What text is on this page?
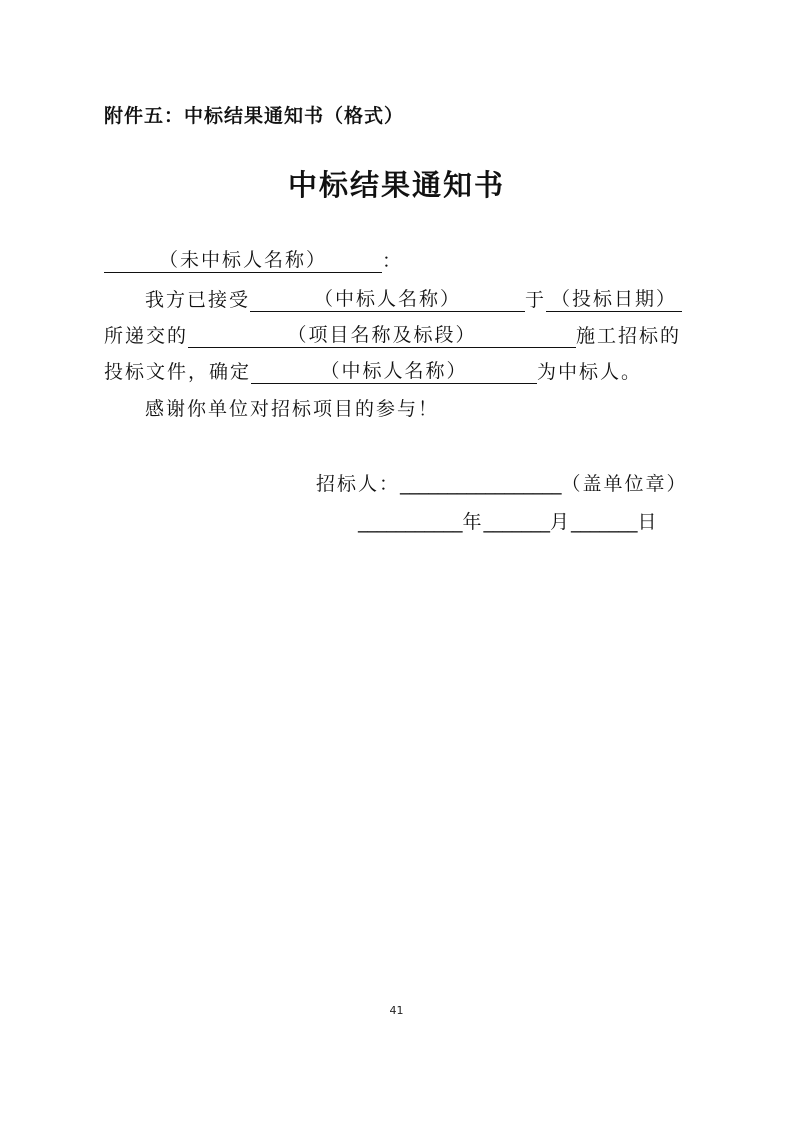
附件五：中标结果通知书（格式）
中标结果通知书
（未中标人名称）	：
我方已接受	（中标人名称）	于 （投标日期）
所递交的	（项目名称及标段）	施工招标的
投标文件，确定	（中标人名称）	为中标人。
感谢你单位对招标项目的参与！
招标人：_________________（盖单位章）
___________年_______月_______日
41
